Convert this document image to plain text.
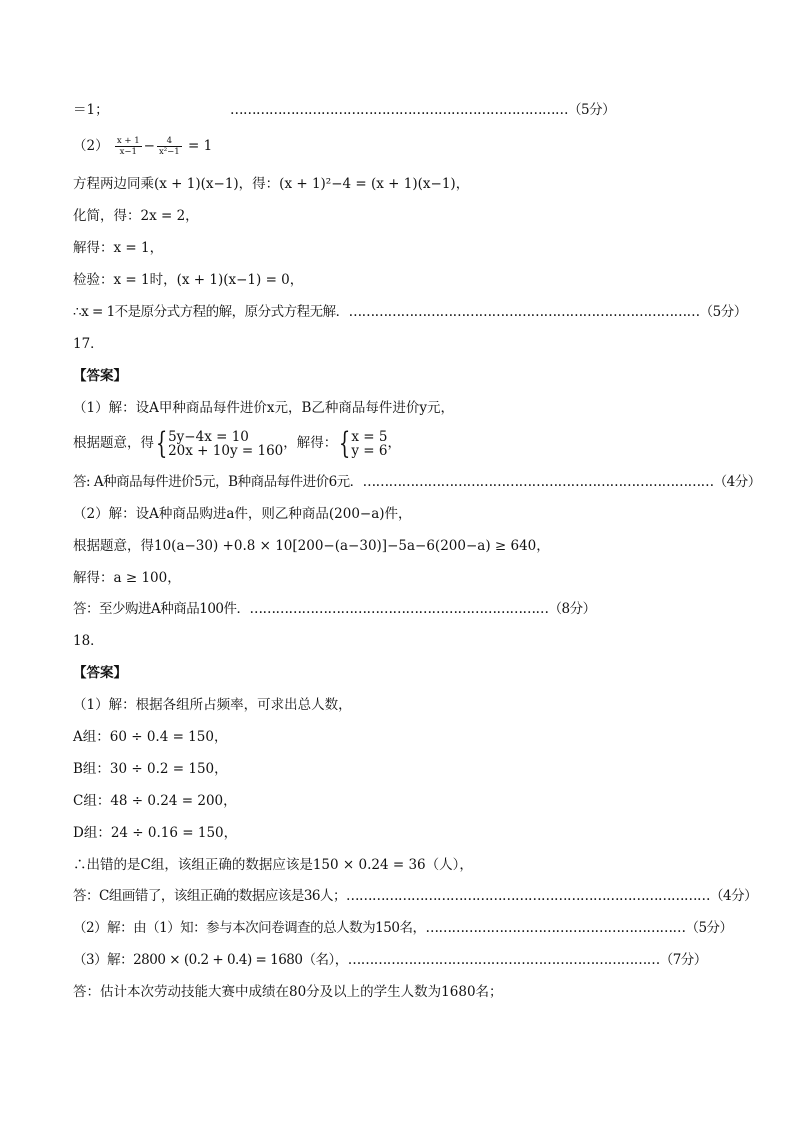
＝1；	……………………………………………………………………（5分）
$(2) \frac{x + 1}{x-1} - \frac{4}{\text{x²−1}} = 1$
方程两边同乘(x + 1)(x−1)，得：(x + 1)²−4 = (x + 1)(x−1)，
化简，得：2x = 2，
解得：x = 1，
检验：x = 1时，(x + 1)(x−1) = 0，
∴x = 1不是原分式方程的解，原分式方程无解．………………………………………………………………………（5分）
17．
【答案】
（1）解：设A甲种商品每件进价x元，B乙种商品每件进价y元，
根据题意，得{ 5y−4x = 10
20x + 10y = 160 ，解得：{ x = 5
y = 6 ，
答: A种商品每件进价5元，B种商品每件进价6元．………………………………………………………………………（4分）
（2）解：设A种商品购进a件，则乙种商品(200−a)件，
根据题意，得10(a−30) +0.8 × 10[200−(a−30)]−5a−6(200−a) ≥ 640，
解得：a ≥ 100，
答：至少购进A种商品100件．……………………………………………………………（8分）
18．
【答案】
（1）解：根据各组所占频率，可求出总人数，
A组：60 ÷ 0.4 = 150，
B组：30 ÷ 0.2 = 150，
C组：48 ÷ 0.24 = 200，
D组：24 ÷ 0.16 = 150，
∴出错的是C组，该组正确的数据应该是150 × 0.24 = 36（人），
答：C组画错了，该组正确的数据应该是36人；…………………………………………………………………………（4分）
（2）解：由（1）知：参与本次问卷调查的总人数为150名，……………………………………………………（5分）
（3）解：2800 × (0.2 + 0.4) = 1680（名），………………………………………………………………（7分）
答：估计本次劳动技能大赛中成绩在80分及以上的学生人数为1680名；
